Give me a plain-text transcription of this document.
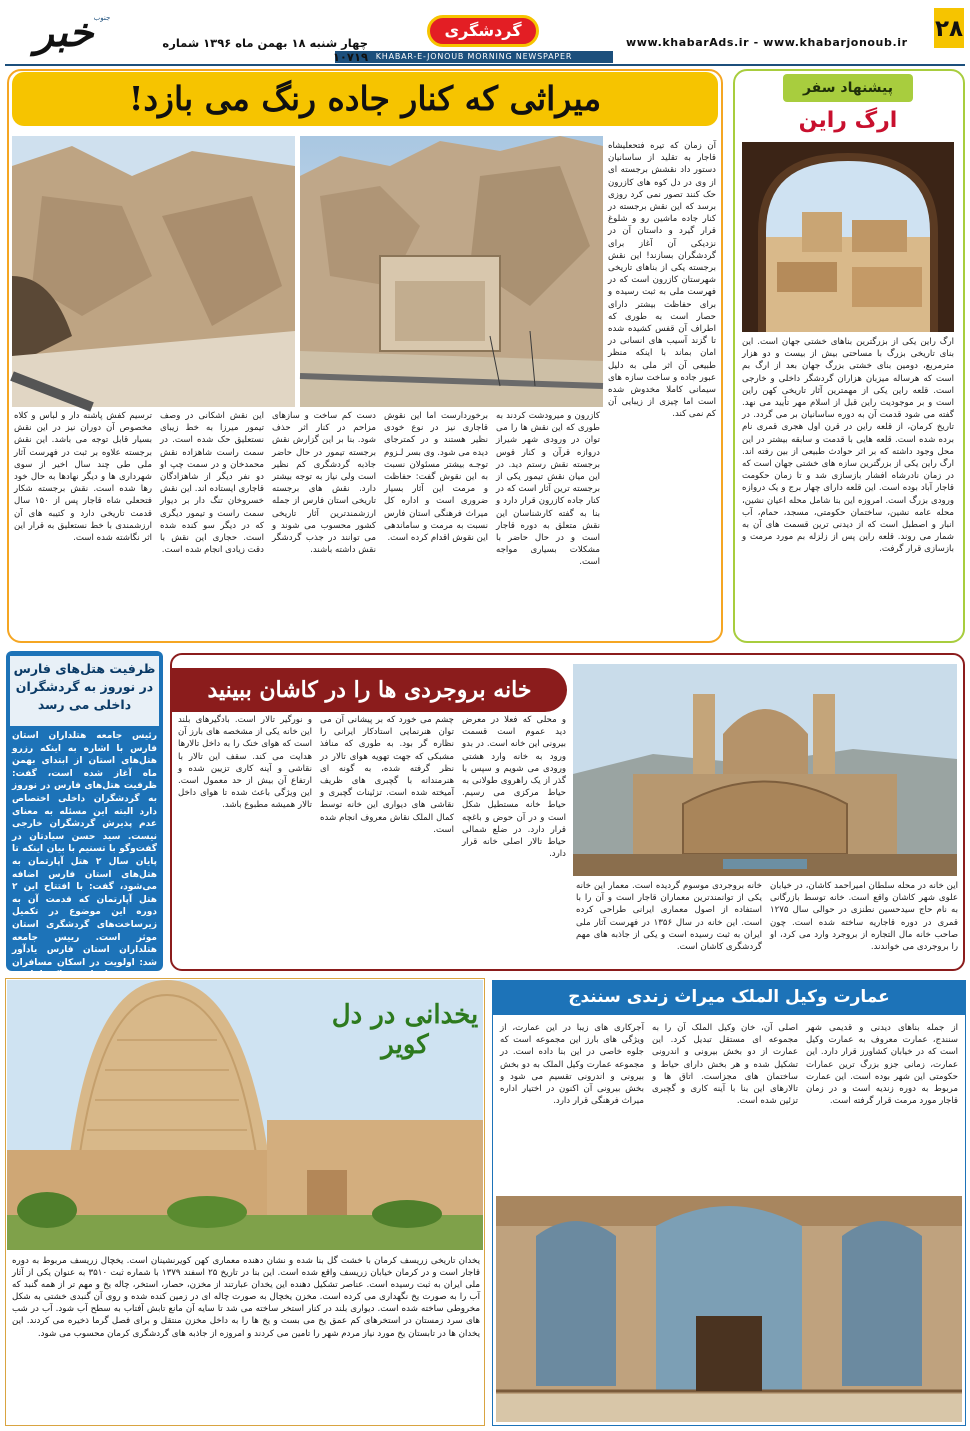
۲۸
www.khabarAds.ir - www.khabarjonoub.ir
گردشگری
KHABAR-E-JONOUB MORNING NEWSPAPER
چهار شنبه ۱۸ بهمن ماه ۱۳۹۶ شماره ۱۰۷۱۹
خبر جنوب
میراثی که کنار جاده رنگ می بازد!
آن زمان که تیره فتحعلیشاه قاجار به تقلید از ساسانیان دستور داد نقشش برجسته ای از وی در دل کوه های کازرون حک کنند تصور نمی کرد روزی برسد که این نقش برجسته در کنار جاده ماشین رو و شلوغ قرار گیرد و داستان آن در نزدیکی آن آغاز برای گردشگران بسازند! این نقش برجسته یکی از بناهای تاریخی شهرستان کازرون است که در فهرست ملی به ثبت رسیده و برای حفاظت بیشتر دارای حصار است به طوری که اطراف آن قفس کشیده شده تا گزند آسیب های انسانی در امان بماند با اینکه منظر طبیعی آن اثر ملی به دلیل عبور جاده و ساخت سازه های سیمانی کاملا مخدوش شده است اما چیزی از زیبایی آن کم نمی کند.
کازرون و میرودشت کردند به طوری که این نقش ها را می توان در ورودی شهر شیراز دروازه قرآن و کنار قوس برجسته نقش رستم دید. در این میان نقش تیمور یکی از برجسته ترین آثار است که در کنار جاده کازرون قرار دارد و بنا به گفته کارشناسان این نقش متعلق به دوره قاجار است و در حال حاضر با مشکلات بسیاری مواجه است.
برخوردارست اما این نقوش قاجاری نیز در نوع خودی نظیر هستند و در کمترجای دیده می شود. وی بسر لـزوم توجـه بیشتر مسئولان نسبت به این نقوش گفت: حفاظت و مرمت این آثار بسیار ضروری است و اداره کل میراث فرهنگی استان فارس نسبت به مرمت و ساماندهی این نقوش اقدام کرده است.
دست کم ساخت و سازهای مزاحم در کنار اثر حذف شود. بنا بر این گزارش نقش برجسته تیمور در حال حاضر جاذبه گردشگری کم نظیر است ولی نیاز به توجه بیشتر دارد. نقش های برجسته تاریخی استان فارس از جمله ارزشمندترین آثار تاریخی کشور محسوب می شوند و می توانند در جذب گردشگر نقش داشته باشند.
این نقش اشکانی در وصف تیمور میرزا به خط زیبای نستعلیق حک شده است. در سمت راست شاهزاده نقش محمدخان و در سمت چپ او دو نفر دیگر از شاهزادگان قاجاری ایستاده اند. این نقش خسروخان تنگ دار بر دیوار سمت راست و تیمور دیگری که در دیگر سو کنده شده است. حجاری این نقش با دقت زیادی انجام شده است.
ترسیم کفش پاشنه دار و لباس و کلاه مخصوص آن دوران نیز در این نقش بسیار قابل توجه می باشد. این نقش برجسته علاوه بر ثبت در فهرست آثار ملی طی چند سال اخیر از سوی شهرداری ها و دیگر نهادها به حال خود رها شده است. نقش برجسته شکار فتحعلی شاه قاجار پس از ۱۵۰ سال قدمت تاریخی دارد و کتیبه های آن ارزشمندی با خط نستعلیق به قرار این اثر نگاشته شده است.
پیشنهاد سفر
ارگ راین
ارگ راین یکی از بزرگترین بناهای خشتی جهان است. این بنای تاریخی بزرگ با مساحتی بیش از بیست و دو هزار مترمربع، دومین بنای خشتی بزرگ جهان بعد از ارگ بم است که هرساله میزبان هزاران گردشگر داخلی و خارجی است. قلعه راین یکی از مهمترین آثار تاریخی کهن راین است و بر موجودیت راین قبل از اسلام مهر تأیید می نهد. گفته می شود قدمت آن به دوره ساسانیان بر می گردد. در تاریخ کرمان، از قلعه راین در قرن اول هجری قمری نام برده شده است. قلعه هایی با قدمت و سابقه بیشتر در این محل وجود داشته که بر اثر حوادث طبیعی از بین رفته اند. ارگ راین یکی از بزرگترین سازه های خشتی جهان است که در زمان نادرشاه افشار بازسازی شد و تا زمان حکومت قاجار آباد بوده است. این قلعه دارای چهار برج و یک دروازه ورودی بزرگ است. امروزه این بنا شامل محله اعیان نشین، محله عامه نشین، ساختمان حکومتی، مسجد، حمام، آب انبار و اصطبل است که از دیدنی ترین قسمت های آن به شمار می روند. قلعه راین پس از زلزله بم مورد مرمت و بازسازی قرار گرفت.
ظرفیت هتل‌های فارس در نوروز به گردشگران داخلی می رسد
رئیس جامعه هتلداران استان فارس با اشاره به اینکه رزرو هتل‌های استان از ابتدای بهمن ماه آغاز شده است، گفت: ظرفیت هتل‌های فارس در نوروز به گردشگران داخلی اختصاص دارد البته این مسئله به معنای عدم پذیرش گردشگران خارجی نیست. سید حسن سیادتان در گفت‌وگو با تسنیم با بیان اینکه تا پایان سال ۲ هتل آپارتمان به هتل‌های استان فارس اضافه می‌شود، گفت: با افتتاح این ۲ هتل آپارتمان که قدمت آن به دوره این موضوع در تکمیل زیرساخت‌های گردشگری استان موثر است. رییس جامعه هتلداران استان فارس یادآور شد: اولویت در اسکان مسافران نوروزی هتل‌ها و مراکز اقامتی
خانه بروجردی ها را در کاشان ببینید
این خانه در محله سلطان امیراحمد کاشان، در خیابان علوی شهر کاشان واقع است. خانه توسط بازرگانی به نام حاج سیدحسین نطنزی در حوالی سال ۱۲۷۵ قمری در دوره قاجاریه ساخته شده است. چون صاحب خانه مال التجاره از بروجرد وارد می کرد، او را بروجردی می خواندند.
خانه بروجردی موسوم گردیده است. معمار این خانه یکی از توانمندترین معماران قاجار است و آن را با استفاده از اصول معماری ایرانی طراحی کرده است. این خانه در سال ۱۳۵۶ در فهرست آثار ملی ایران به ثبت رسیده است و یکی از جاذبه های مهم گردشگری کاشان است.
و محلی که فعلا در معرض دید عموم است قسمت بیرونی این خانه است. در بدو ورود به خانه وارد هشتی ورودی می شویم و سپس با گذر از یک راهروی طولانی به حیاط مرکزی می رسیم. حیاط خانه مستطیل شکل است و در آن حوض و باغچه قرار دارد. در ضلع شمالی حیاط تالار اصلی خانه قرار دارد.
چشم می خورد که بر پیشانی آن می توان هنرنمایی استادکار ایرانی را نظاره گر بود. به طوری که منافذ مشبکی که جهت تهویه هوای تالار در نظر گرفته شده، به گونه ای هنرمندانه با گچبری های ظریف آمیخته شده است. تزئینات گچبری و نقاشی های دیواری این خانه توسط کمال الملک نقاش معروف انجام شده است.
و نورگیر تالار است. بادگیرهای بلند این خانه یکی از مشخصه های بارز آن است که هوای خنک را به داخل تالارها هدایت می کند. سقف این تالار با نقاشی و آینه کاری تزیین شده و ارتفاع آن بیش از حد معمول است. این ویژگی باعث شده تا هوای داخل تالار همیشه مطبوع باشد.
یخدانی در دل کویر
یخدان تاریخی زریسف کرمان با خشت گل بنا شده و نشان دهنده معماری کهن کویرنشینان است. یخچال زریسف مربوط به دوره قاجار است و در کرمان خیابان زریسف واقع شده است. این بنا در تاریخ ۲۵ اسفند ۱۳۷۹ با شماره ثبت ۳۵۱۰ به عنوان یکی از آثار ملی ایران به ثبت رسیده است. عناصر تشکیل دهنده این یخدان عبارتند از مخزن، حصار، استخر، چاله یخ و مهم تر از همه گنبد که آب را به صورت یخ نگهداری می کرده است. مخزن یخچال به صورت چاله ای در زمین کنده شده و روی آن گنبدی خشتی به شکل مخروطی ساخته شده است. دیواری بلند در کنار استخر ساخته می شد تا سایه آن مانع تابش آفتاب به سطح آب شود. آب در شب های سرد زمستان در استخرهای کم عمق یخ می بست و یخ ها را به داخل مخزن منتقل و برای فصل گرما ذخیره می کردند. این یخدان ها در تابستان یخ مورد نیاز مردم شهر را تامین می کردند و امروزه از جاذبه های گردشگری کرمان محسوب می شود.
عمارت وکیل الملک میراث زندی سنندج
از جمله بناهای دیدنی و قدیمی شهر سنندج، عمارت معروف به عمارت وکیل است که در خیابان کشاورز قرار دارد. این عمارت، زمانی جزو بزرگ ترین عمارات حکومتی این شهر بوده است. این عمارت مربوط به دوره زندیه است و در زمان قاجار مورد مرمت قرار گرفته است.
اصلی آن، خان وکیل الملک آن را به مجموعه ای مستقل تبدیل کرد. این عمارت از دو بخش بیرونی و اندرونی تشکیل شده و هر بخش دارای حیاط و ساختمان های مجزاست. اتاق ها و تالارهای این بنا با آینه کاری و گچبری تزئین شده است.
آجرکاری های زیبا در این عمارت، از ویژگی های بارز این مجموعه است که جلوه خاصی در این بنا داده است. در مجموعه عمارت وکیل الملک به دو بخش بیرونی و اندرونی تقسیم می شود و بخش بیرونی آن اکنون در اختیار اداره میراث فرهنگی قرار دارد.
